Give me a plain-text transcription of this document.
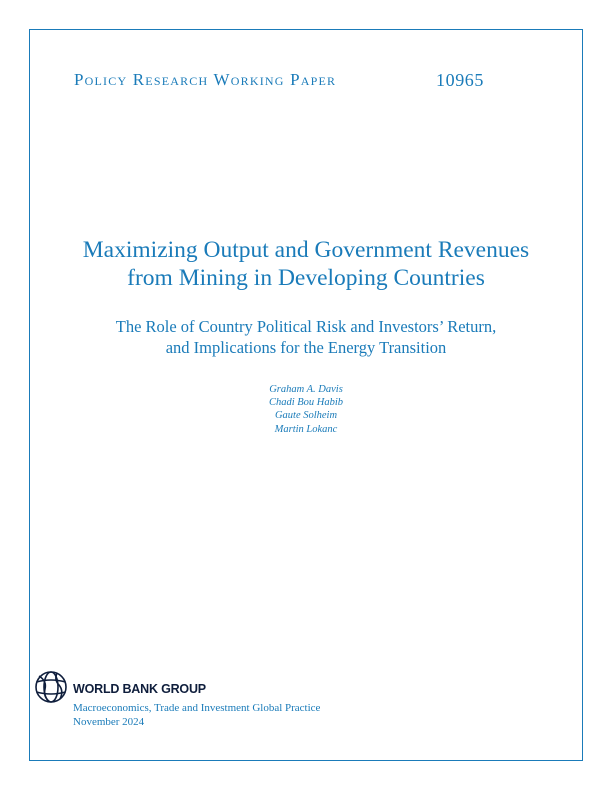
Policy Research Working Paper	10965
Maximizing Output and Government Revenues
from Mining in Developing Countries
The Role of Country Political Risk and Investors’ Return,
and Implications for the Energy Transition
Graham A. Davis
Chadi Bou Habib
Gaute Solheim
Martin Lokanc
WORLD BANK GROUP
Macroeconomics, Trade and Investment Global Practice
November 2024
